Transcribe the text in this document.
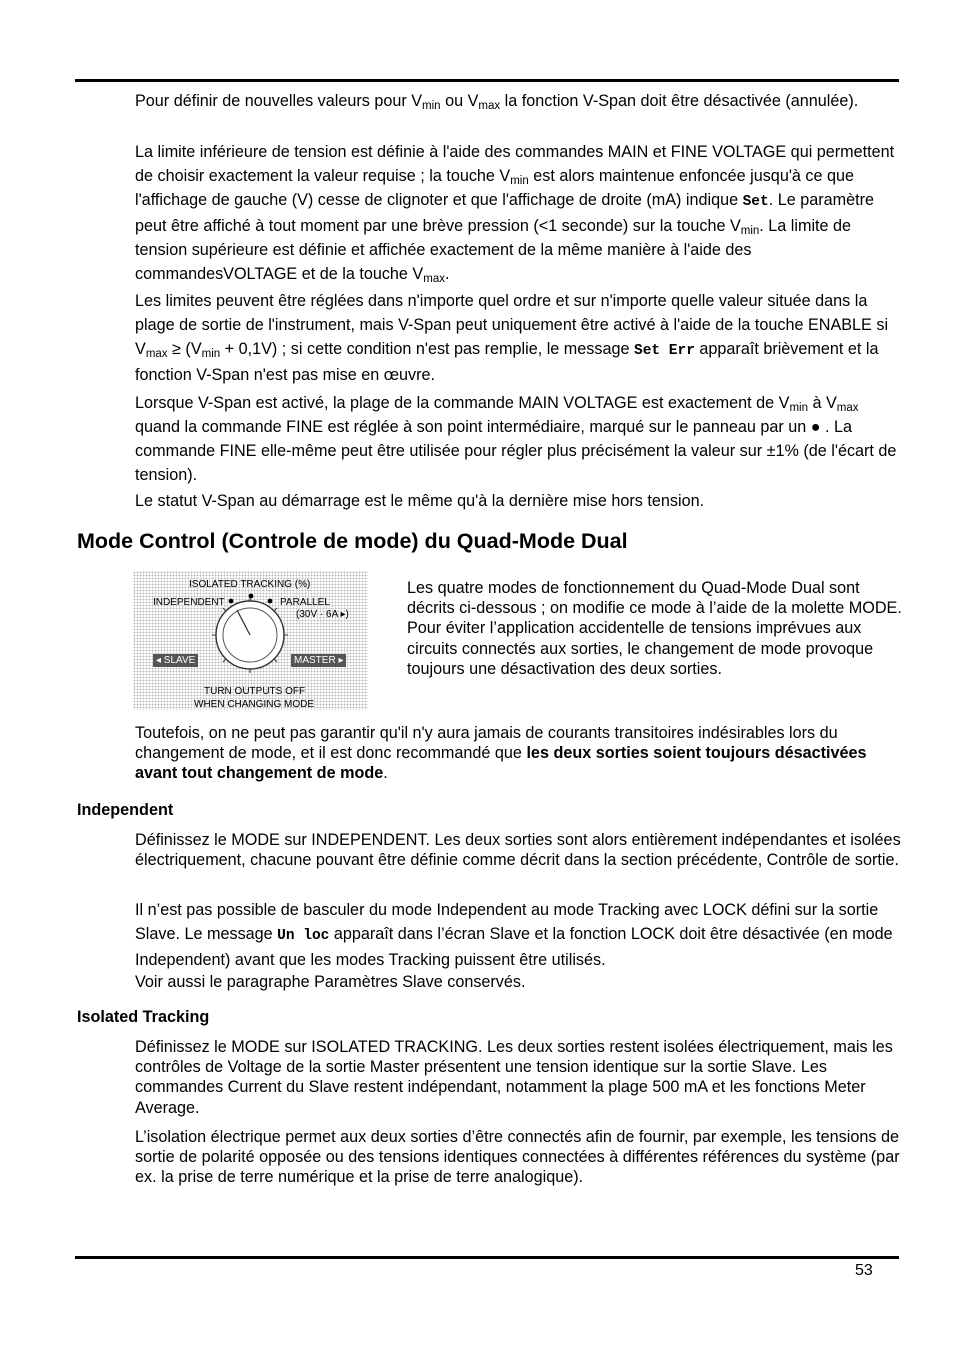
Pour définir de nouvelles valeurs pour $V_{min}$ ou $V_{max}$ la fonction V-Span doit être désactivée (annulée).

La limite inférieure de tension est définie à l'aide des commandes MAIN et FINE VOLTAGE qui permettent de choisir exactement la valeur requise ; la touche $V_{min}$ est alors maintenue enfoncée jusqu'à ce que l'affichage de gauche (V) cesse de clignoter et que l'affichage de droite (mA) indique Set. Le paramètre peut être affiché à tout moment par une brève pression (<1 seconde) sur la touche $V_{min}$. La limite de tension supérieure est définie et affichée exactement de la même manière à l'aide des commandesVOLTAGE et de la touche $V_{max}$.

Les limites peuvent être réglées dans n'importe quel ordre et sur n'importe quelle valeur située dans la plage de sortie de l'instrument, mais V-Span peut uniquement être activé à l'aide de la touche ENABLE si $V_{max} \ge (V_{min} + 0,1V)$ ; si cette condition n'est pas remplie, le message Set Err apparaît brièvement et la fonction V-Span n'est pas mise en œuvre.

Lorsque V-Span est activé, la plage de la commande MAIN VOLTAGE est exactement de $V_{min}$ à $V_{max}$ quand la commande FINE est réglée à son point intermédiaire, marqué sur le panneau par un ● . La commande FINE elle-même peut être utilisée pour régler plus précisément la valeur sur ±1% (de l'écart de tension).

Le statut V-Span au démarrage est le même qu'à la dernière mise hors tension.

Mode Control (Controle de mode) du Quad-Mode Dual
ISOLATED TRACKING (%)
INDEPENDENT	PARALLEL
(30V · 6A ▸)
◂ SLAVE	MASTER ▸
TURN OUTPUTS OFF
WHEN CHANGING MODE

Les quatre modes de fonctionnement du Quad-Mode Dual sont décrits ci-dessous ; on modifie ce mode à l’aide de la molette MODE. Pour éviter l’application accidentelle de tensions imprévues aux circuits connectés aux sorties, le changement de mode provoque toujours une désactivation des deux sorties.

Toutefois, on ne peut pas garantir qu'il n'y aura jamais de courants transitoires indésirables lors du changement de mode, et il est donc recommandé que les deux sorties soient toujours désactivées avant tout changement de mode.

Independent

Définissez le MODE sur INDEPENDENT. Les deux sorties sont alors entièrement indépendantes et isolées électriquement, chacune pouvant être définie comme décrit dans la section précédente, Contrôle de sortie.

Il n’est pas possible de basculer du mode Independent au mode Tracking avec LOCK défini sur la sortie Slave. Le message Un loc apparaît dans l’écran Slave et la fonction LOCK doit être désactivée (en mode Independent) avant que les modes Tracking puissent être utilisés.

Voir aussi le paragraphe Paramètres Slave conservés.

Isolated Tracking

Définissez le MODE sur ISOLATED TRACKING. Les deux sorties restent isolées électriquement, mais les contrôles de Voltage de la sortie Master présentent une tension identique sur la sortie Slave. Les commandes Current du Slave restent indépendant, notamment la plage 500 mA et les fonctions Meter Average.

L’isolation électrique permet aux deux sorties d’être connectés afin de fournir, par exemple, les tensions de sortie de polarité opposée ou des tensions identiques connectées à différentes références du système (par ex. la prise de terre numérique et la prise de terre analogique).

53
